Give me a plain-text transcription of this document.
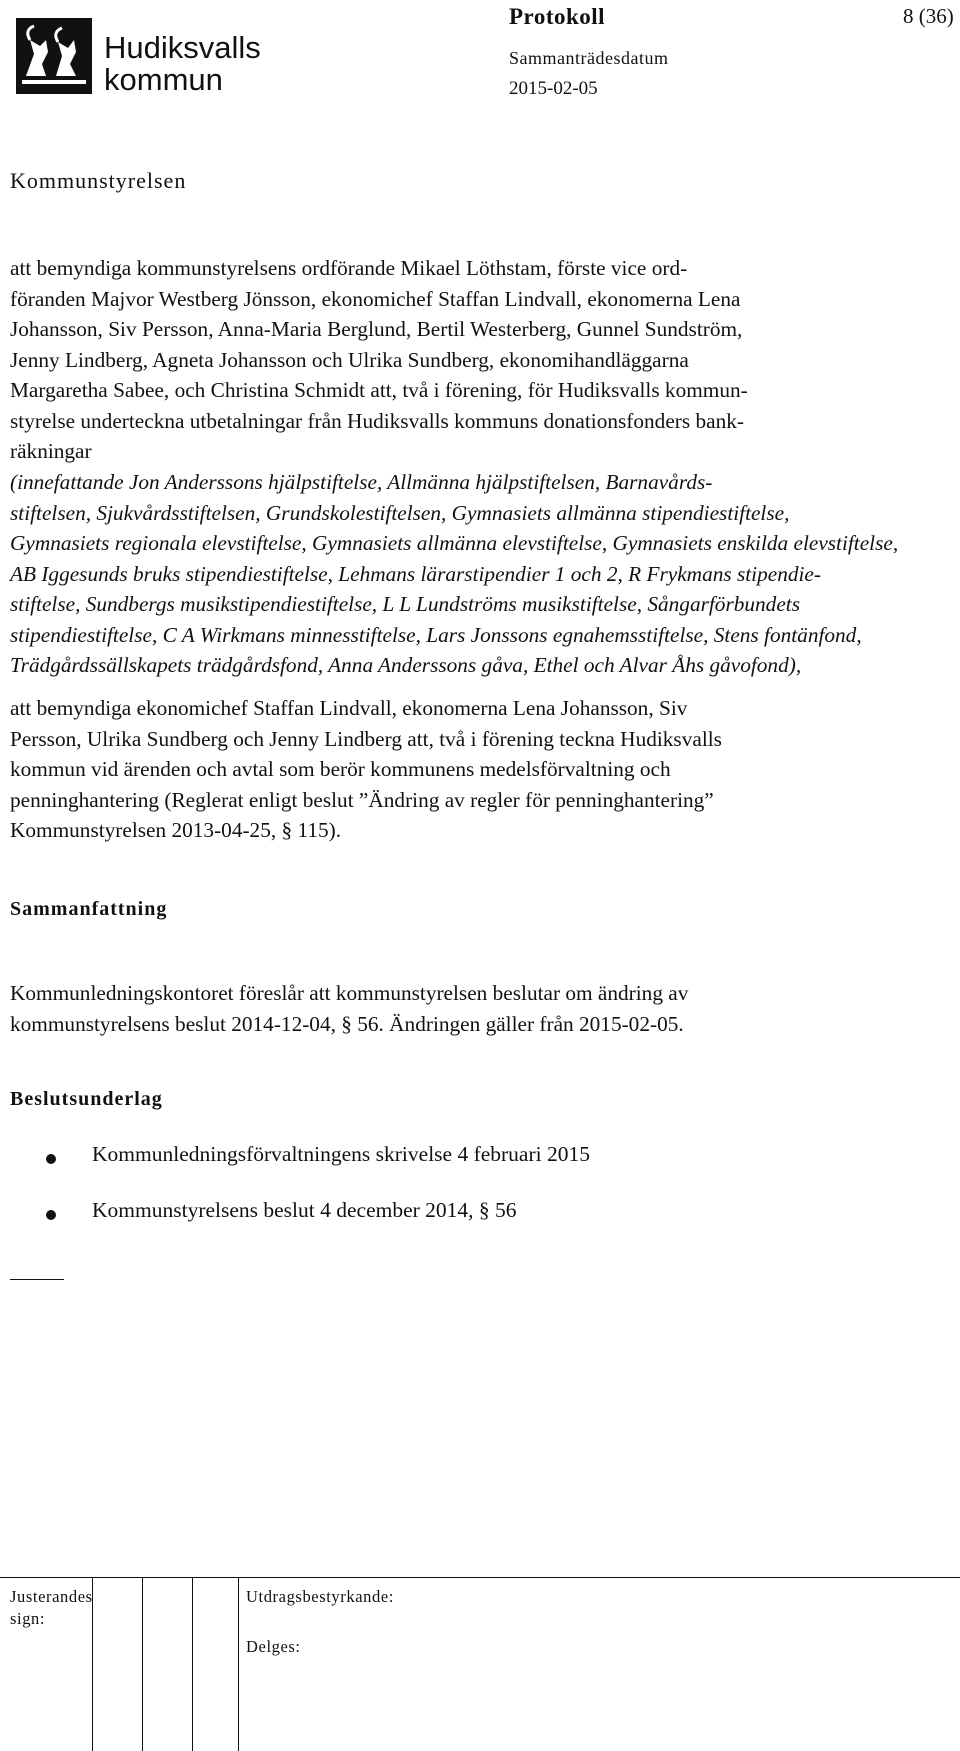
Hudiksvalls
kommun
Protokoll	8 (36)
Sammanträdesdatum
2015-02-05
Kommunstyrelsen
att bemyndiga kommunstyrelsens ordförande Mikael Löthstam, förste vice ord-
föranden Majvor Westberg Jönsson, ekonomichef Staffan Lindvall, ekonomerna Lena
Johansson, Siv Persson, Anna-Maria Berglund, Bertil Westerberg, Gunnel Sundström,
Jenny Lindberg, Agneta Johansson och Ulrika Sundberg, ekonomihandläggarna
Margaretha Sabee, och Christina Schmidt att, två i förening, för Hudiksvalls kommun-
styrelse underteckna utbetalningar från Hudiksvalls kommuns donationsfonders bank-
räkningar
(innefattande Jon Anderssons hjälpstiftelse, Allmänna hjälpstiftelsen, Barnavårds-
stiftelsen, Sjukvårdsstiftelsen, Grundskolestiftelsen, Gymnasiets allmänna stipendiestiftelse,
Gymnasiets regionala elevstiftelse, Gymnasiets allmänna elevstiftelse, Gymnasiets enskilda elevstiftelse,
AB Iggesunds bruks stipendiestiftelse, Lehmans lärarstipendier 1 och 2, R Frykmans stipendie-
stiftelse, Sundbergs musikstipendiestiftelse, L L Lundströms musikstiftelse, Sångarförbundets
stipendiestiftelse, C A Wirkmans minnesstiftelse, Lars Jonssons egnahemsstiftelse, Stens fontänfond,
Trädgårdssällskapets trädgårdsfond, Anna Anderssons gåva, Ethel och Alvar Åhs gåvofond),
att bemyndiga ekonomichef Staffan Lindvall, ekonomerna Lena Johansson, Siv
Persson, Ulrika Sundberg och Jenny Lindberg att, två i förening teckna Hudiksvalls
kommun vid ärenden och avtal som berör kommunens medelsförvaltning och
penninghantering (Reglerat enligt beslut ”Ändring av regler för penninghantering”
Kommunstyrelsen 2013-04-25, § 115).
Sammanfattning
Kommunledningskontoret föreslår att kommunstyrelsen beslutar om ändring av
kommunstyrelsens beslut 2014-12-04, § 56. Ändringen gäller från 2015-02-05.
Beslutsunderlag
Kommunledningsförvaltningens skrivelse 4 februari 2015
Kommunstyrelsens beslut 4 december 2014, § 56
Justerandes
sign:
Utdragsbestyrkande:
Delges:
